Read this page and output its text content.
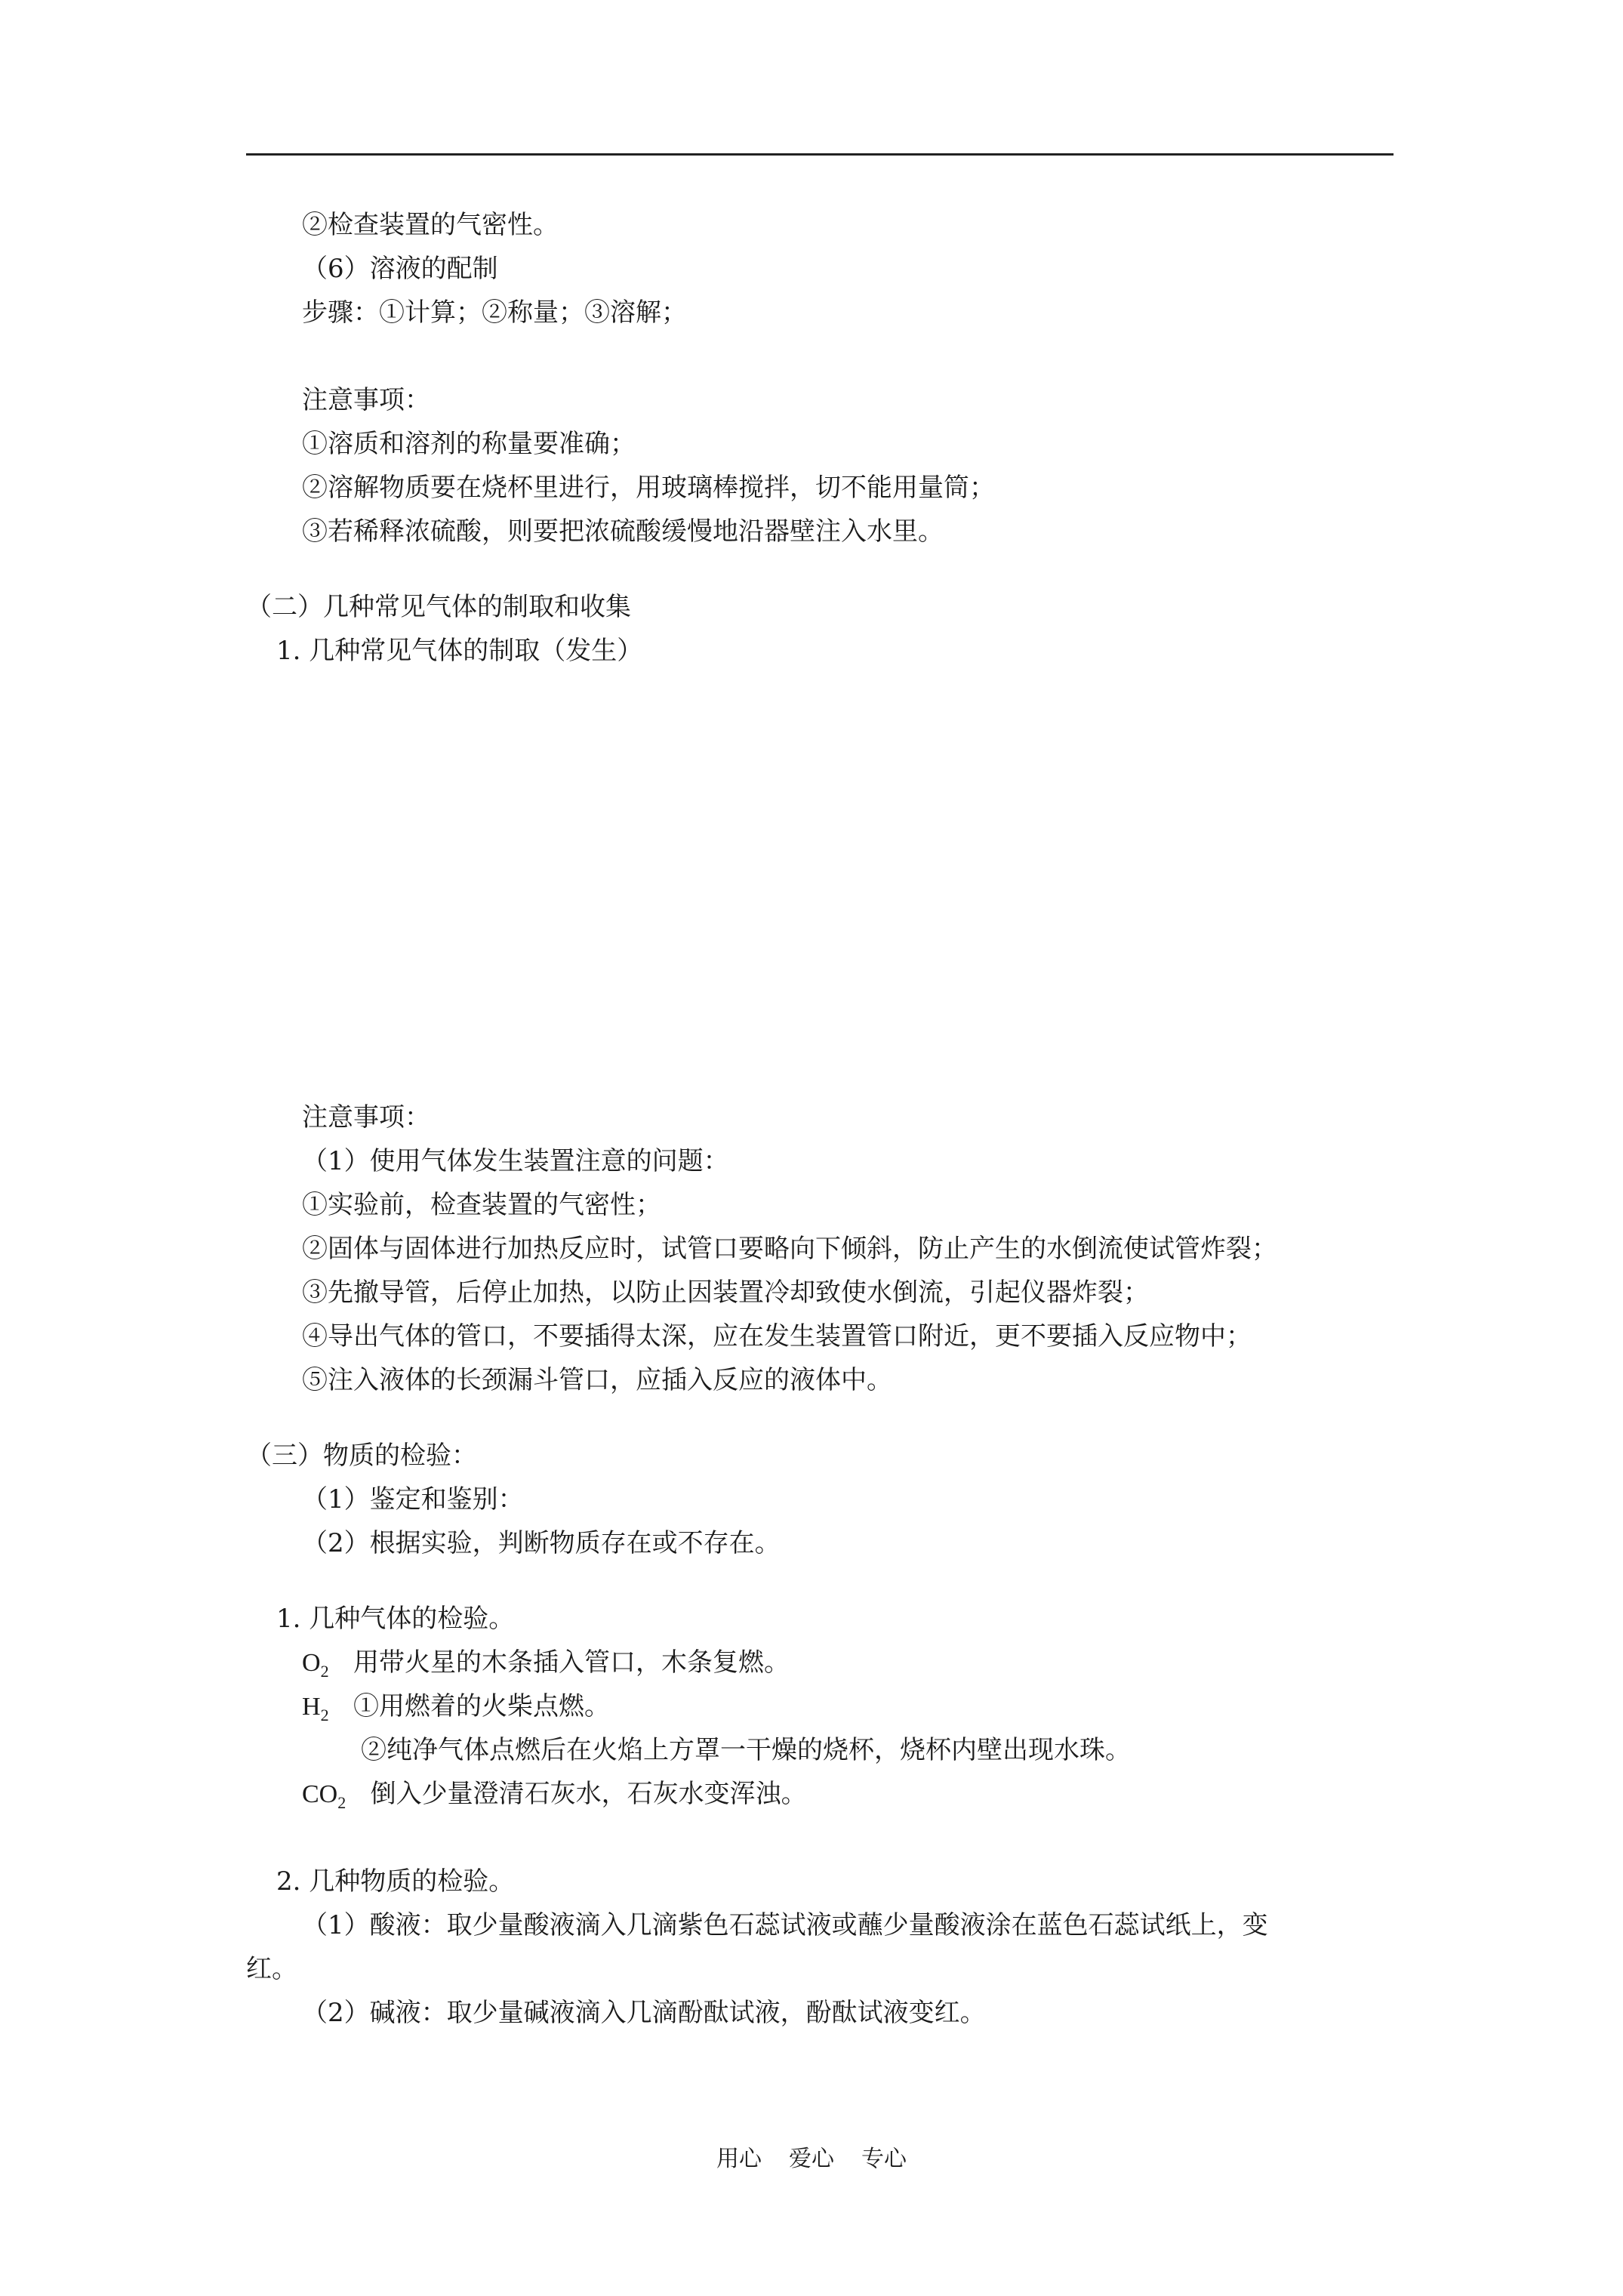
②检查装置的气密性。
（6）溶液的配制
步骤：①计算；②称量；③溶解；
注意事项：
①溶质和溶剂的称量要准确；
②溶解物质要在烧杯里进行，用玻璃棒搅拌，切不能用量筒；
③若稀释浓硫酸，则要把浓硫酸缓慢地沿器壁注入水里。
（二）几种常见气体的制取和收集
1. 几种常见气体的制取（发生）
注意事项：
（1）使用气体发生装置注意的问题：
①实验前，检查装置的气密性；
②固体与固体进行加热反应时，试管口要略向下倾斜，防止产生的水倒流使试管炸裂；
③先撤导管，后停止加热，以防止因装置冷却致使水倒流，引起仪器炸裂；
④导出气体的管口，不要插得太深，应在发生装置管口附近，更不要插入反应物中；
⑤注入液体的长颈漏斗管口，应插入反应的液体中。
（三）物质的检验：
（1）鉴定和鉴别：
（2）根据实验，判断物质存在或不存在。
1. 几种气体的检验。
$O_2$ 用带火星的木条插入管口，木条复燃。
$H_2$ ①用燃着的火柴点燃。
②纯净气体点燃后在火焰上方罩一干燥的烧杯，烧杯内壁出现水珠。
$CO_2$ 倒入少量澄清石灰水，石灰水变浑浊。
2. 几种物质的检验。
（1）酸液：取少量酸液滴入几滴紫色石蕊试液或蘸少量酸液涂在蓝色石蕊试纸上，变
红。
（2）碱液：取少量碱液滴入几滴酚酞试液，酚酞试液变红。
用心 爱心 专心
